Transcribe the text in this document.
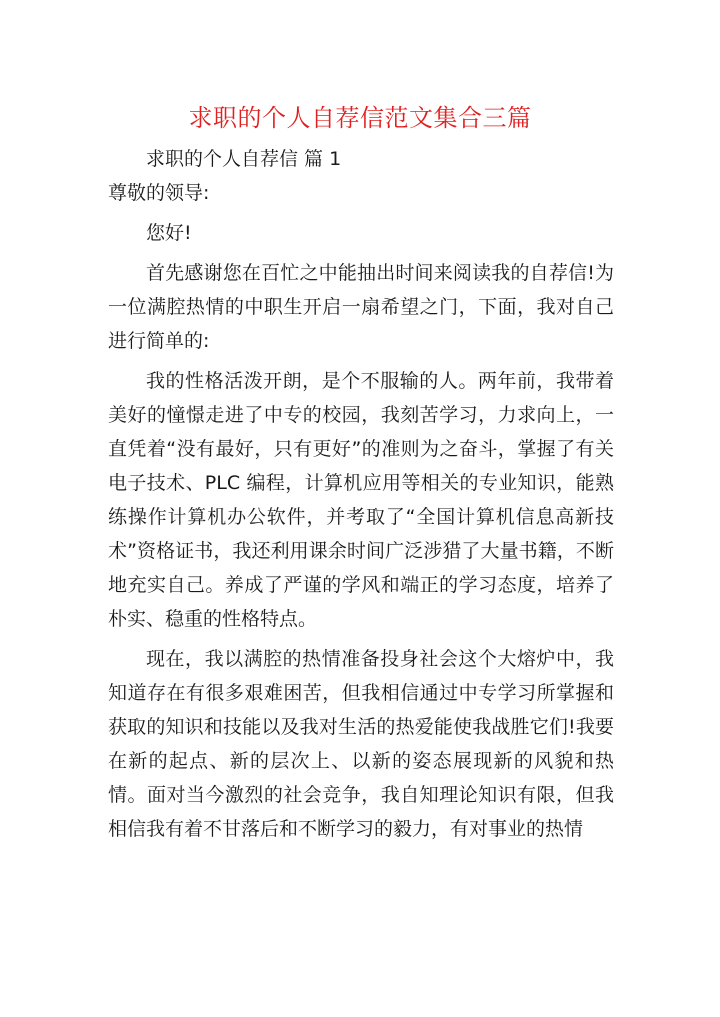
求职的个人自荐信范文集合三篇

求职的个人自荐信 篇 1

尊敬的领导:

您好!

首先感谢您在百忙之中能抽出时间来阅读我的自荐信!为一位满腔热情的中职生开启一扇希望之门，下面，我对自己进行简单的:

我的性格活泼开朗，是个不服输的人。两年前，我带着美好的憧憬走进了中专的校园，我刻苦学习，力求向上，一直凭着“没有最好，只有更好”的准则为之奋斗，掌握了有关电子技术、PLC 编程，计算机应用等相关的专业知识，能熟练操作计算机办公软件，并考取了“全国计算机信息高新技术”资格证书，我还利用课余时间广泛涉猎了大量书籍，不断地充实自己。养成了严谨的学风和端正的学习态度，培养了朴实、稳重的性格特点。

现在，我以满腔的热情准备投身社会这个大熔炉中，我知道存在有很多艰难困苦，但我相信通过中专学习所掌握和获取的知识和技能以及我对生活的热爱能使我战胜它们!我要在新的起点、新的层次上、以新的姿态展现新的风貌和热情。面对当今激烈的社会竞争，我自知理论知识有限，但我相信我有着不甘落后和不断学习的毅力，有对事业的热情
